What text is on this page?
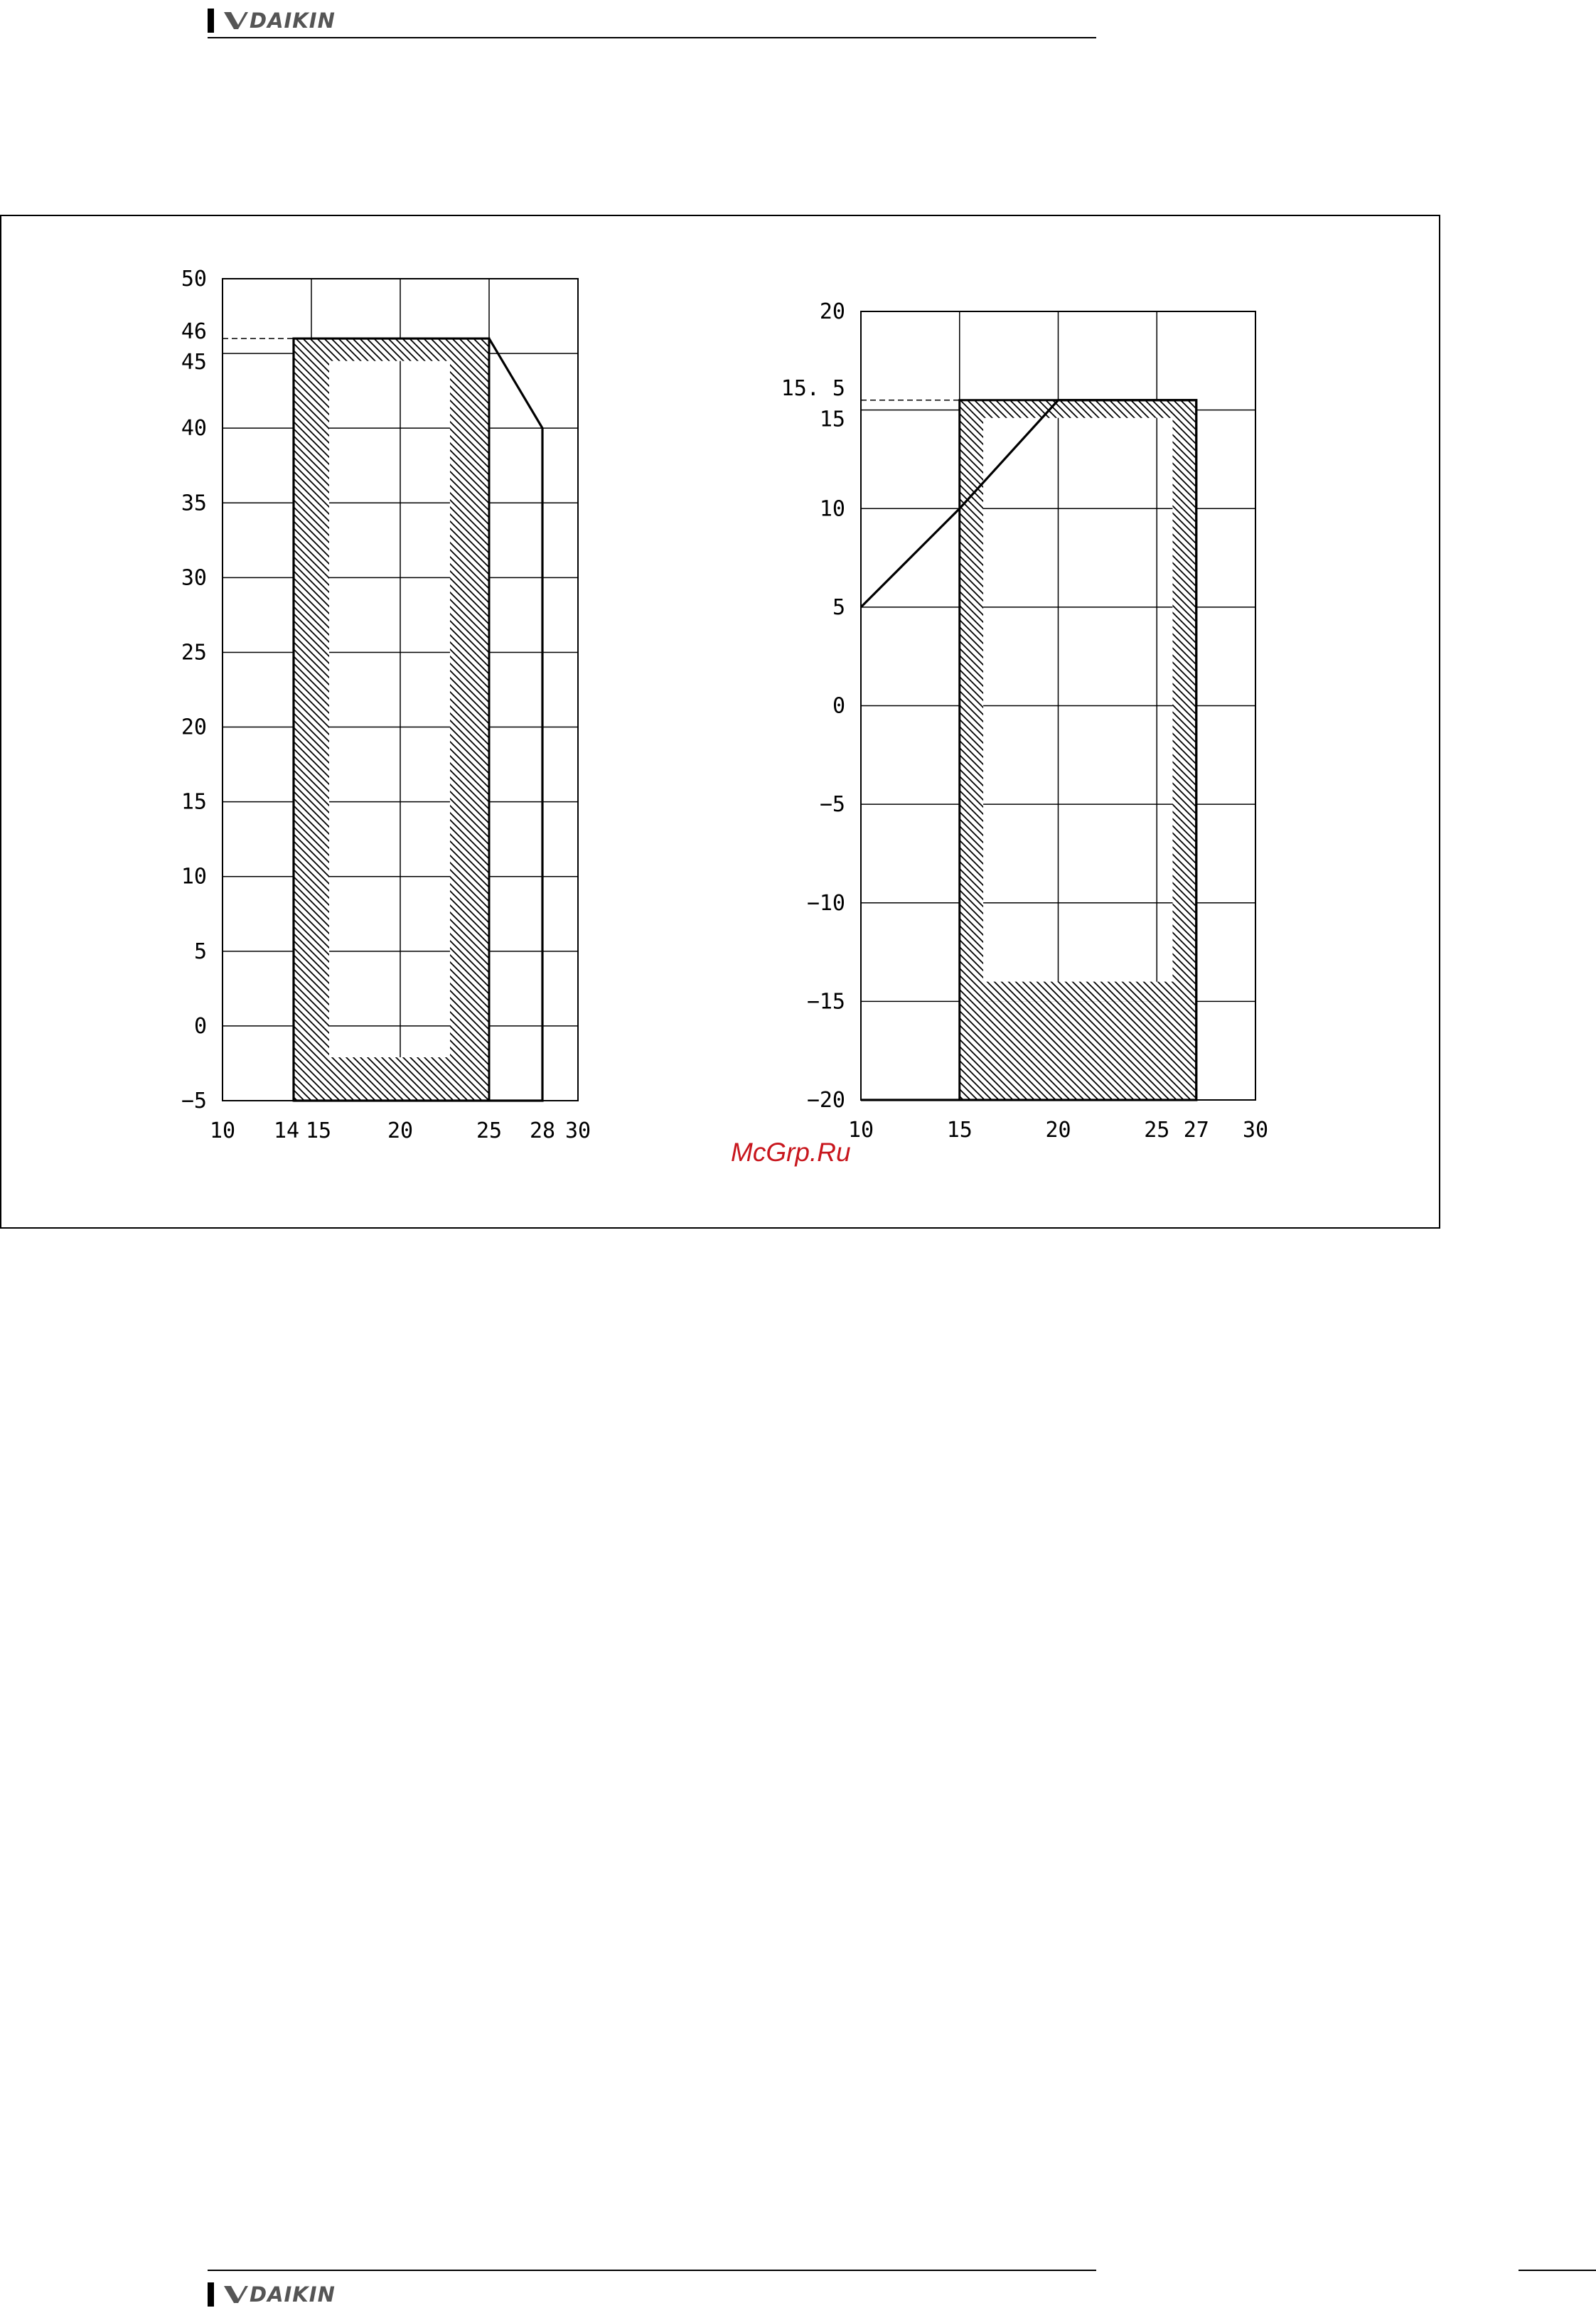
DAIKIN
10 14 15	20	25 28 30
−5
0
5
10
15
20
25
30
35
40
45
46
50
10	15	20	25 27 30
−20
−15
−10
−5
0
5
10
15
15. 5
20
McGrp.Ru
DAIKIN
